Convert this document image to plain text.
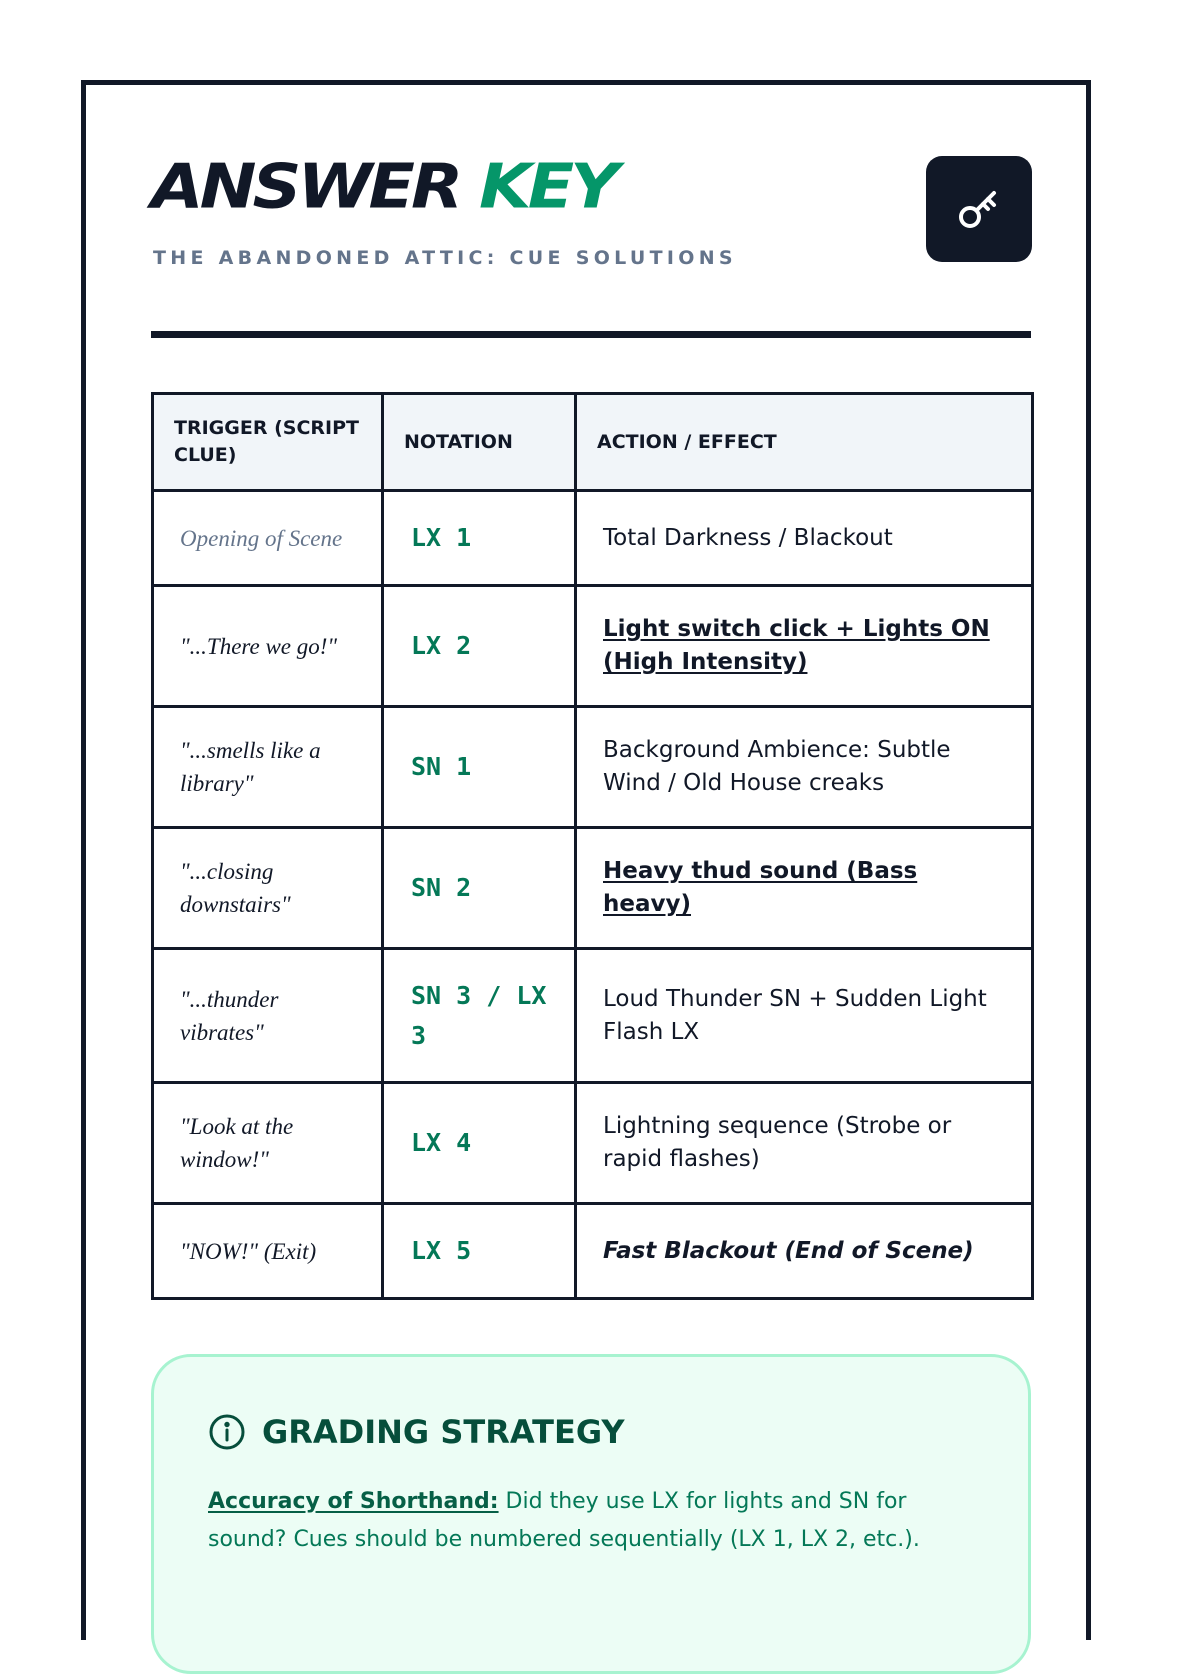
ANSWER KEY
THE ABANDONED ATTIC: CUE SOLUTIONS
TRIGGER (SCRIPT CLUE)	NOTATION	ACTION / EFFECT
Opening of Scene	LX 1	Total Darkness / Blackout
"...There we go!"	LX 2	Light switch click + Lights ON (High Intensity)
"...smells like a library"	SN 1	Background Ambience: Subtle Wind / Old House creaks
"...closing downstairs"	SN 2	Heavy thud sound (Bass heavy)
"...thunder vibrates"	SN 3 / LX 3	Loud Thunder SN + Sudden Light Flash LX
"Look at the window!"	LX 4	Lightning sequence (Strobe or rapid flashes)
"NOW!" (Exit)	LX 5	Fast Blackout (End of Scene)
GRADING STRATEGY
Accuracy of Shorthand: Did they use LX for lights and SN for sound? Cues should be numbered sequentially (LX 1, LX 2, etc.).
